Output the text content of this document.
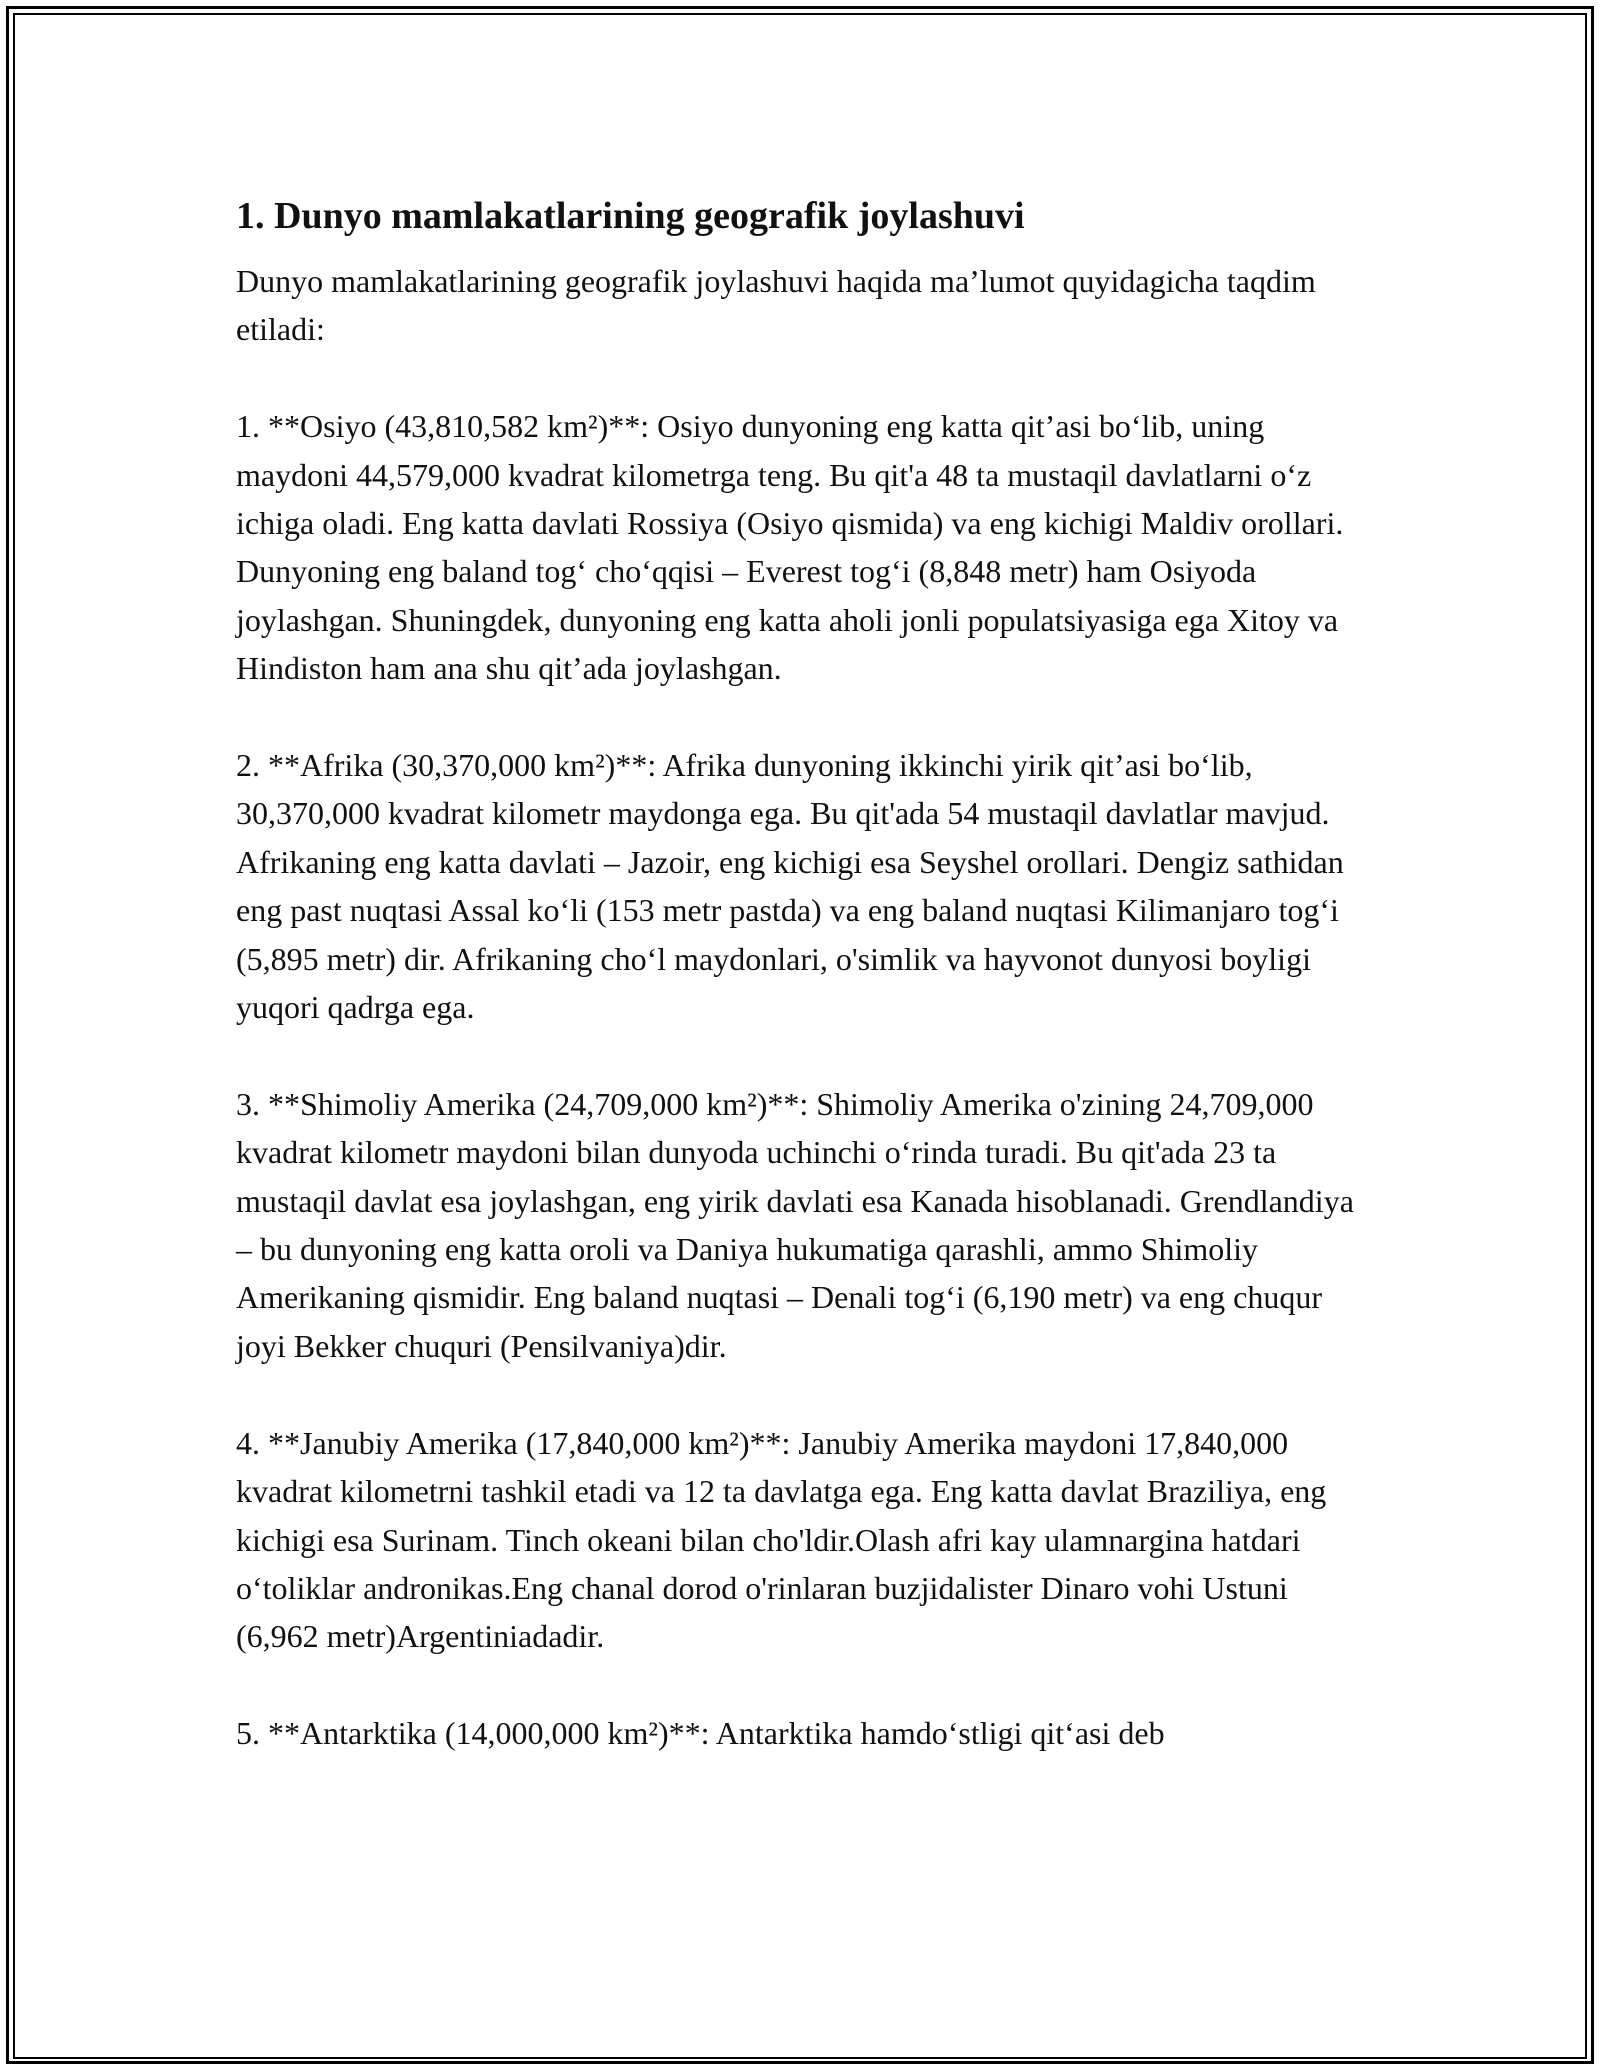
1. Dunyo mamlakatlarining geografik joylashuvi

Dunyo mamlakatlarining geografik joylashuvi haqida ma’lumot quyidagicha taqdim etiladi:

1. **Osiyo (43,810,582 km²)**: Osiyo dunyoning eng katta qit’asi bo‘lib, uning maydoni 44,579,000 kvadrat kilometrga teng. Bu qit'a 48 ta mustaqil davlatlarni o‘z ichiga oladi. Eng katta davlati Rossiya (Osiyo qismida) va eng kichigi Maldiv orollari. Dunyoning eng baland tog‘ cho‘qqisi – Everest tog‘i (8,848 metr) ham Osiyoda joylashgan. Shuningdek, dunyoning eng katta aholi jonli populatsiyasiga ega Xitoy va Hindiston ham ana shu qit’ada joylashgan.

2. **Afrika (30,370,000 km²)**: Afrika dunyoning ikkinchi yirik qit’asi bo‘lib, 30,370,000 kvadrat kilometr maydonga ega. Bu qit'ada 54 mustaqil davlatlar mavjud. Afrikaning eng katta davlati – Jazoir, eng kichigi esa Seyshel orollari. Dengiz sathidan eng past nuqtasi Assal ko‘li (153 metr pastda) va eng baland nuqtasi Kilimanjaro tog‘i (5,895 metr) dir. Afrikaning cho‘l maydonlari, o'simlik va hayvonot dunyosi boyligi yuqori qadrga ega.

3. **Shimoliy Amerika (24,709,000 km²)**: Shimoliy Amerika o'zining 24,709,000 kvadrat kilometr maydoni bilan dunyoda uchinchi o‘rinda turadi. Bu qit'ada 23 ta mustaqil davlat esa joylashgan, eng yirik davlati esa Kanada hisoblanadi. Grendlandiya – bu dunyoning eng katta oroli va Daniya hukumatiga qarashli, ammo Shimoliy Amerikaning qismidir. Eng baland nuqtasi – Denali tog‘i (6,190 metr) va eng chuqur joyi Bekker chuquri (Pensilvaniya)dir.

4. **Janubiy Amerika (17,840,000 km²)**: Janubiy Amerika maydoni 17,840,000 kvadrat kilometrni tashkil etadi va 12 ta davlatga ega. Eng katta davlat Braziliya, eng kichigi esa Surinam. Tinch okeani bilan cho'ldir.Olash afri kay ulamnargina hatdari o‘toliklar andronikas.Eng chanal dorod o'rinlaran buzjidalister Dinaro vohi Ustuni (6,962 metr)Argentiniadadir.

5. **Antarktika (14,000,000 km²)**: Antarktika hamdo‘stligi qit‘asi deb
